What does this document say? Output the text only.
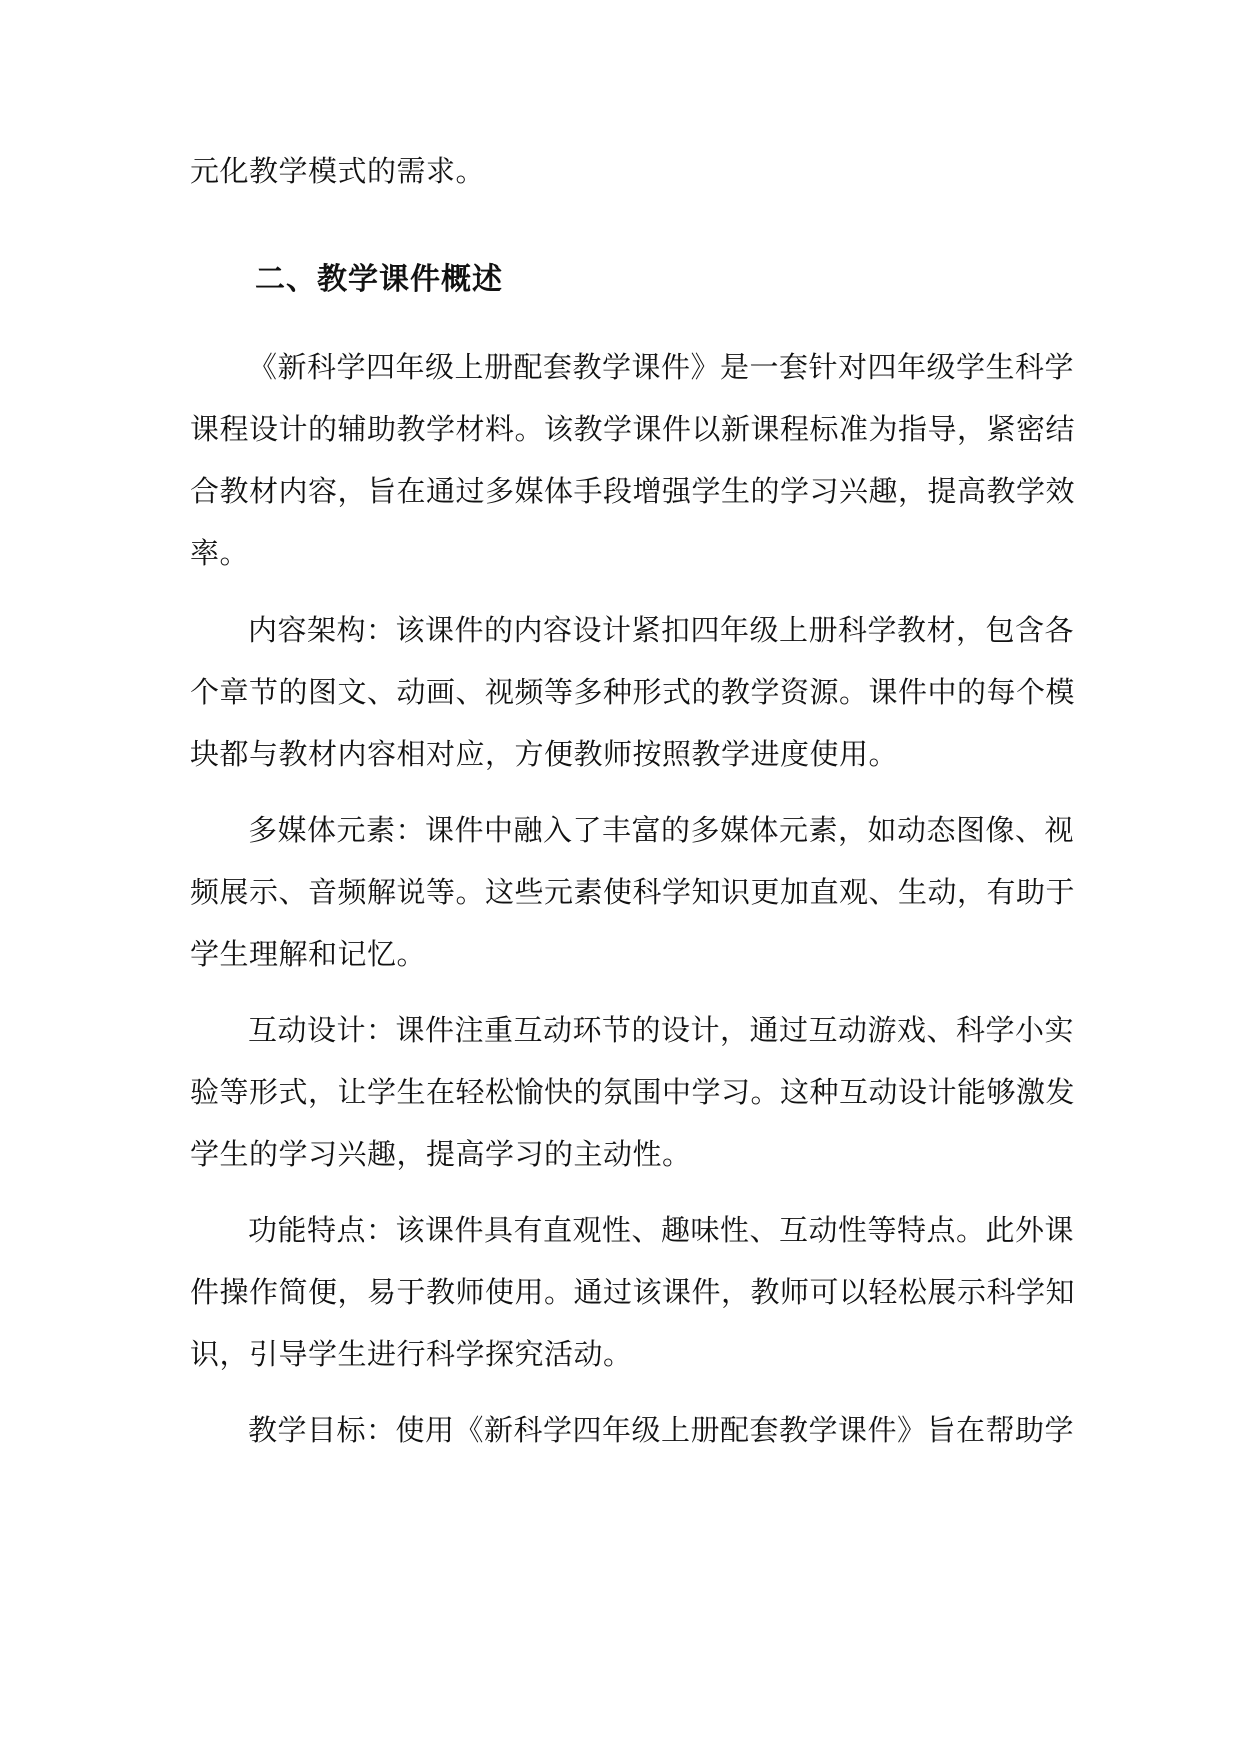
元化教学模式的需求。
二、教学课件概述
《新科学四年级上册配套教学课件》是一套针对四年级学生科学
课程设计的辅助教学材料。该教学课件以新课程标准为指导，紧密结
合教材内容，旨在通过多媒体手段增强学生的学习兴趣，提高教学效
率。
内容架构：该课件的内容设计紧扣四年级上册科学教材，包含各
个章节的图文、动画、视频等多种形式的教学资源。课件中的每个模
块都与教材内容相对应，方便教师按照教学进度使用。
多媒体元素：课件中融入了丰富的多媒体元素，如动态图像、视
频展示、音频解说等。这些元素使科学知识更加直观、生动，有助于
学生理解和记忆。
互动设计：课件注重互动环节的设计，通过互动游戏、科学小实
验等形式，让学生在轻松愉快的氛围中学习。这种互动设计能够激发
学生的学习兴趣，提高学习的主动性。
功能特点：该课件具有直观性、趣味性、互动性等特点。此外课
件操作简便，易于教师使用。通过该课件，教师可以轻松展示科学知
识，引导学生进行科学探究活动。
教学目标：使用《新科学四年级上册配套教学课件》旨在帮助学
